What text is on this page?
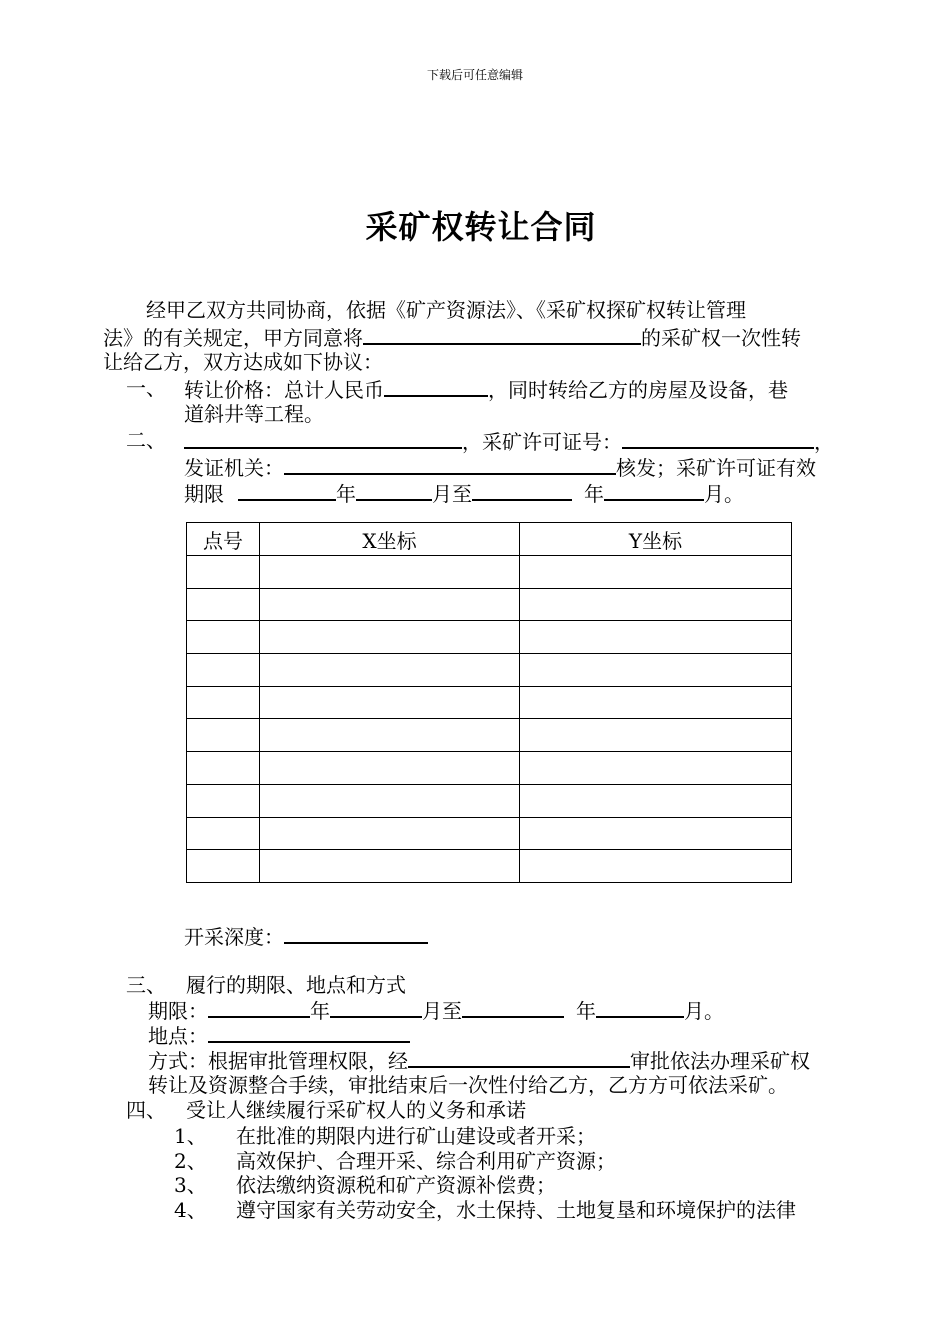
下载后可任意编辑
采矿权转让合同
经甲乙双方共同协商，依据《矿产资源法》、《采矿权探矿权转让管理
法》的有关规定，甲方同意将	的采矿权一次性转
让给乙方，双方达成如下协议：
一、 转让价格：总计人民币	，同时转给乙方的房屋及设备，巷
道斜井等工程。
二、	，采矿许可证号：	，
发证机关：	核发；采矿许可证有效
期限	年	月至	年	月。
点号	X坐标	Y坐标

开采深度：
三、 履行的期限、地点和方式
期限：	年	月至	年	月。
地点：
方式：根据审批管理权限，经	审批依法办理采矿权
转让及资源整合手续，审批结束后一次性付给乙方，乙方方可依法采矿。
四、 受让人继续履行采矿权人的义务和承诺
1、 在批准的期限内进行矿山建设或者开采；
2、 高效保护、合理开采、综合利用矿产资源；
3、 依法缴纳资源税和矿产资源补偿费；
4、 遵守国家有关劳动安全，水土保持、土地复垦和环境保护的法律
